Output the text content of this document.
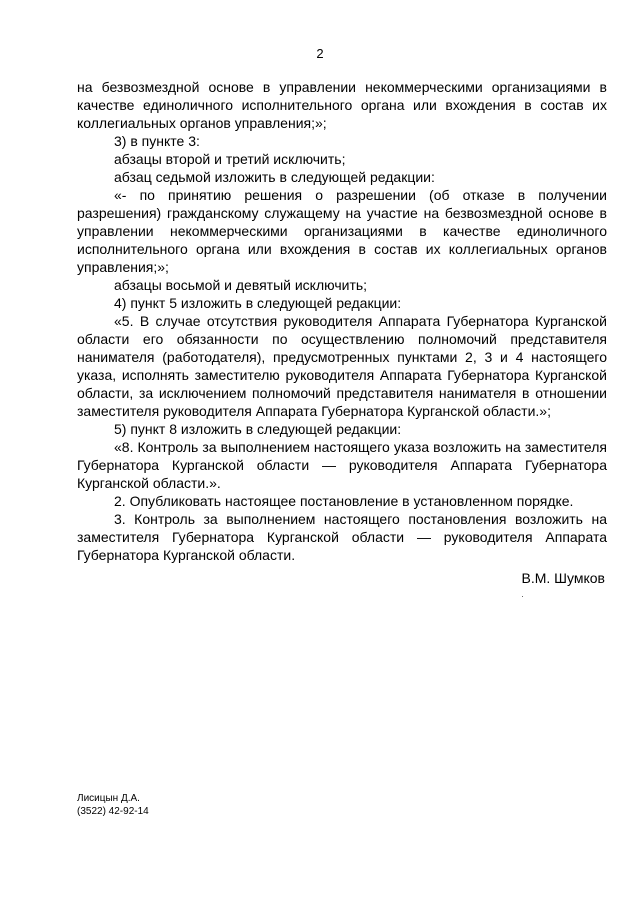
2

на безвозмездной основе в управлении некоммерческими организациями в качестве единоличного исполнительного органа или вхождения в состав их коллегиальных органов управления;»;

3) в пункте 3:

абзацы второй и третий исключить;

абзац седьмой изложить в следующей редакции:

«- по принятию решения о разрешении (об отказе в получении разрешения) гражданскому служащему на участие на безвозмездной основе в управлении некоммерческими организациями в качестве единоличного исполнительного органа или вхождения в состав их коллегиальных органов управления;»;

абзацы восьмой и девятый исключить;

4) пункт 5 изложить в следующей редакции:

«5. В случае отсутствия руководителя Аппарата Губернатора Курганской области его обязанности по осуществлению полномочий представителя нанимателя (работодателя), предусмотренных пунктами 2, 3 и 4 настоящего указа, исполнять заместителю руководителя Аппарата Губернатора Курганской области, за исключением полномочий представителя нанимателя в отношении заместителя руководителя Аппарата Губернатора Курганской области.»;

5) пункт 8 изложить в следующей редакции:

«8. Контроль за выполнением настоящего указа возложить на заместителя Губернатора Курганской области — руководителя Аппарата Губернатора Курганской области.».

2. Опубликовать настоящее постановление в установленном порядке.

3. Контроль за выполнением настоящего постановления возложить на заместителя Губернатора Курганской области — руководителя Аппарата Губернатора Курганской области.

В.М. Шумков
Лисицын Д.А.
(3522) 42-92-14
